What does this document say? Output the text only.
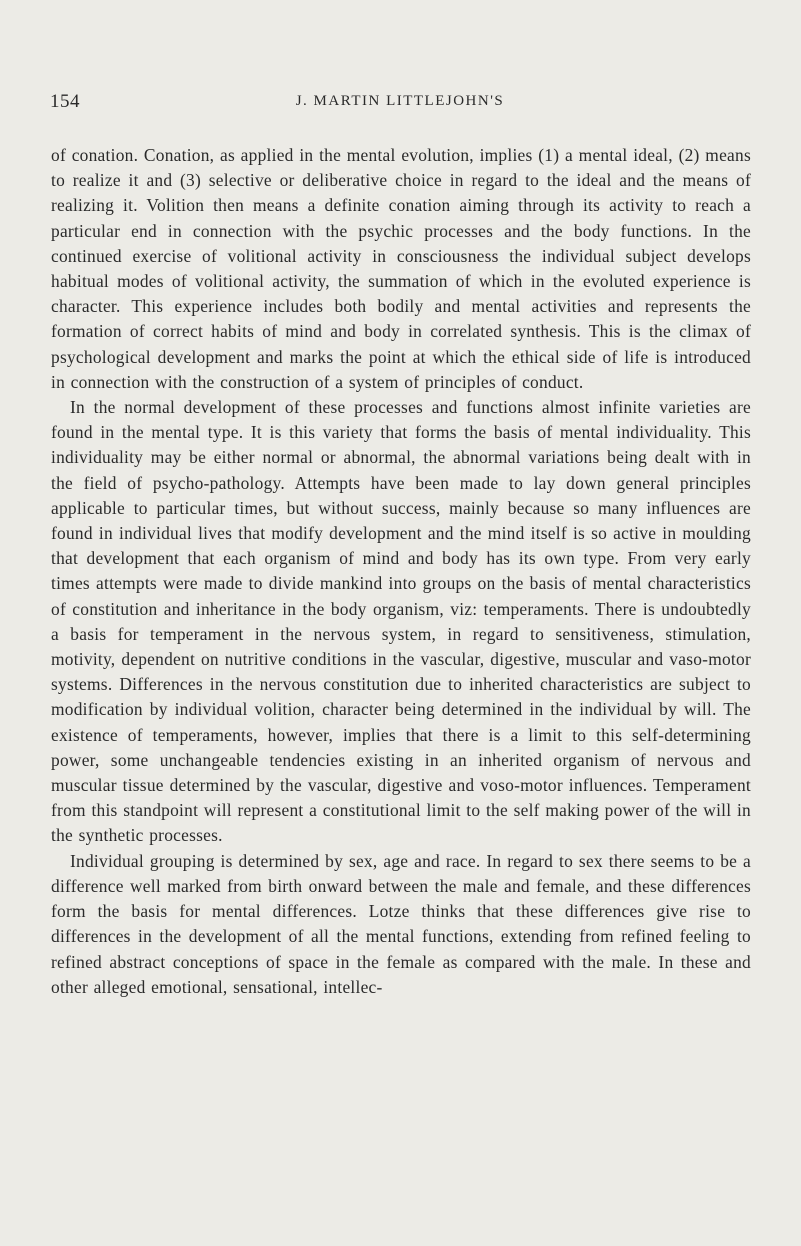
154	J. MARTIN LITTLEJOHN'S

of conation. Conation, as applied in the mental evolution, implies (1) a mental ideal, (2) means to realize it and (3) selective or deliberative choice in regard to the ideal and the means of realizing it. Volition then means a definite conation aiming through its activity to reach a particular end in connection with the psychic processes and the body functions. In the continued exercise of volitional activity in consciousness the individual subject develops habitual modes of volitional activity, the summation of which in the evoluted experience is character. This experience includes both bodily and mental activities and represents the formation of correct habits of mind and body in correlated synthesis. This is the climax of psychological development and marks the point at which the ethical side of life is introduced in connection with the construction of a system of principles of conduct.

In the normal development of these processes and functions almost infinite varieties are found in the mental type. It is this variety that forms the basis of mental individuality. This individuality may be either normal or abnormal, the abnormal variations being dealt with in the field of psycho-pathology. Attempts have been made to lay down general principles applicable to particular times, but without success, mainly because so many influences are found in individual lives that modify development and the mind itself is so active in moulding that development that each organism of mind and body has its own type. From very early times attempts were made to divide mankind into groups on the basis of mental characteristics of constitution and inheritance in the body organism, viz: temperaments. There is undoubtedly a basis for temperament in the nervous system, in regard to sensitiveness, stimulation, motivity, dependent on nutritive conditions in the vascular, digestive, muscular and vaso-motor systems. Differences in the nervous constitution due to inherited characteristics are subject to modification by individual volition, character being determined in the individual by will. The existence of temperaments, however, implies that there is a limit to this self-determining power, some unchangeable tendencies existing in an inherited organism of nervous and muscular tissue determined by the vascular, digestive and voso-motor influences. Temperament from this standpoint will represent a constitutional limit to the self making power of the will in the synthetic processes.

Individual grouping is determined by sex, age and race. In regard to sex there seems to be a difference well marked from birth onward between the male and female, and these differences form the basis for mental differences. Lotze thinks that these differences give rise to differences in the development of all the mental functions, extending from refined feeling to refined abstract conceptions of space in the female as compared with the male. In these and other alleged emotional, sensational, intellec-
